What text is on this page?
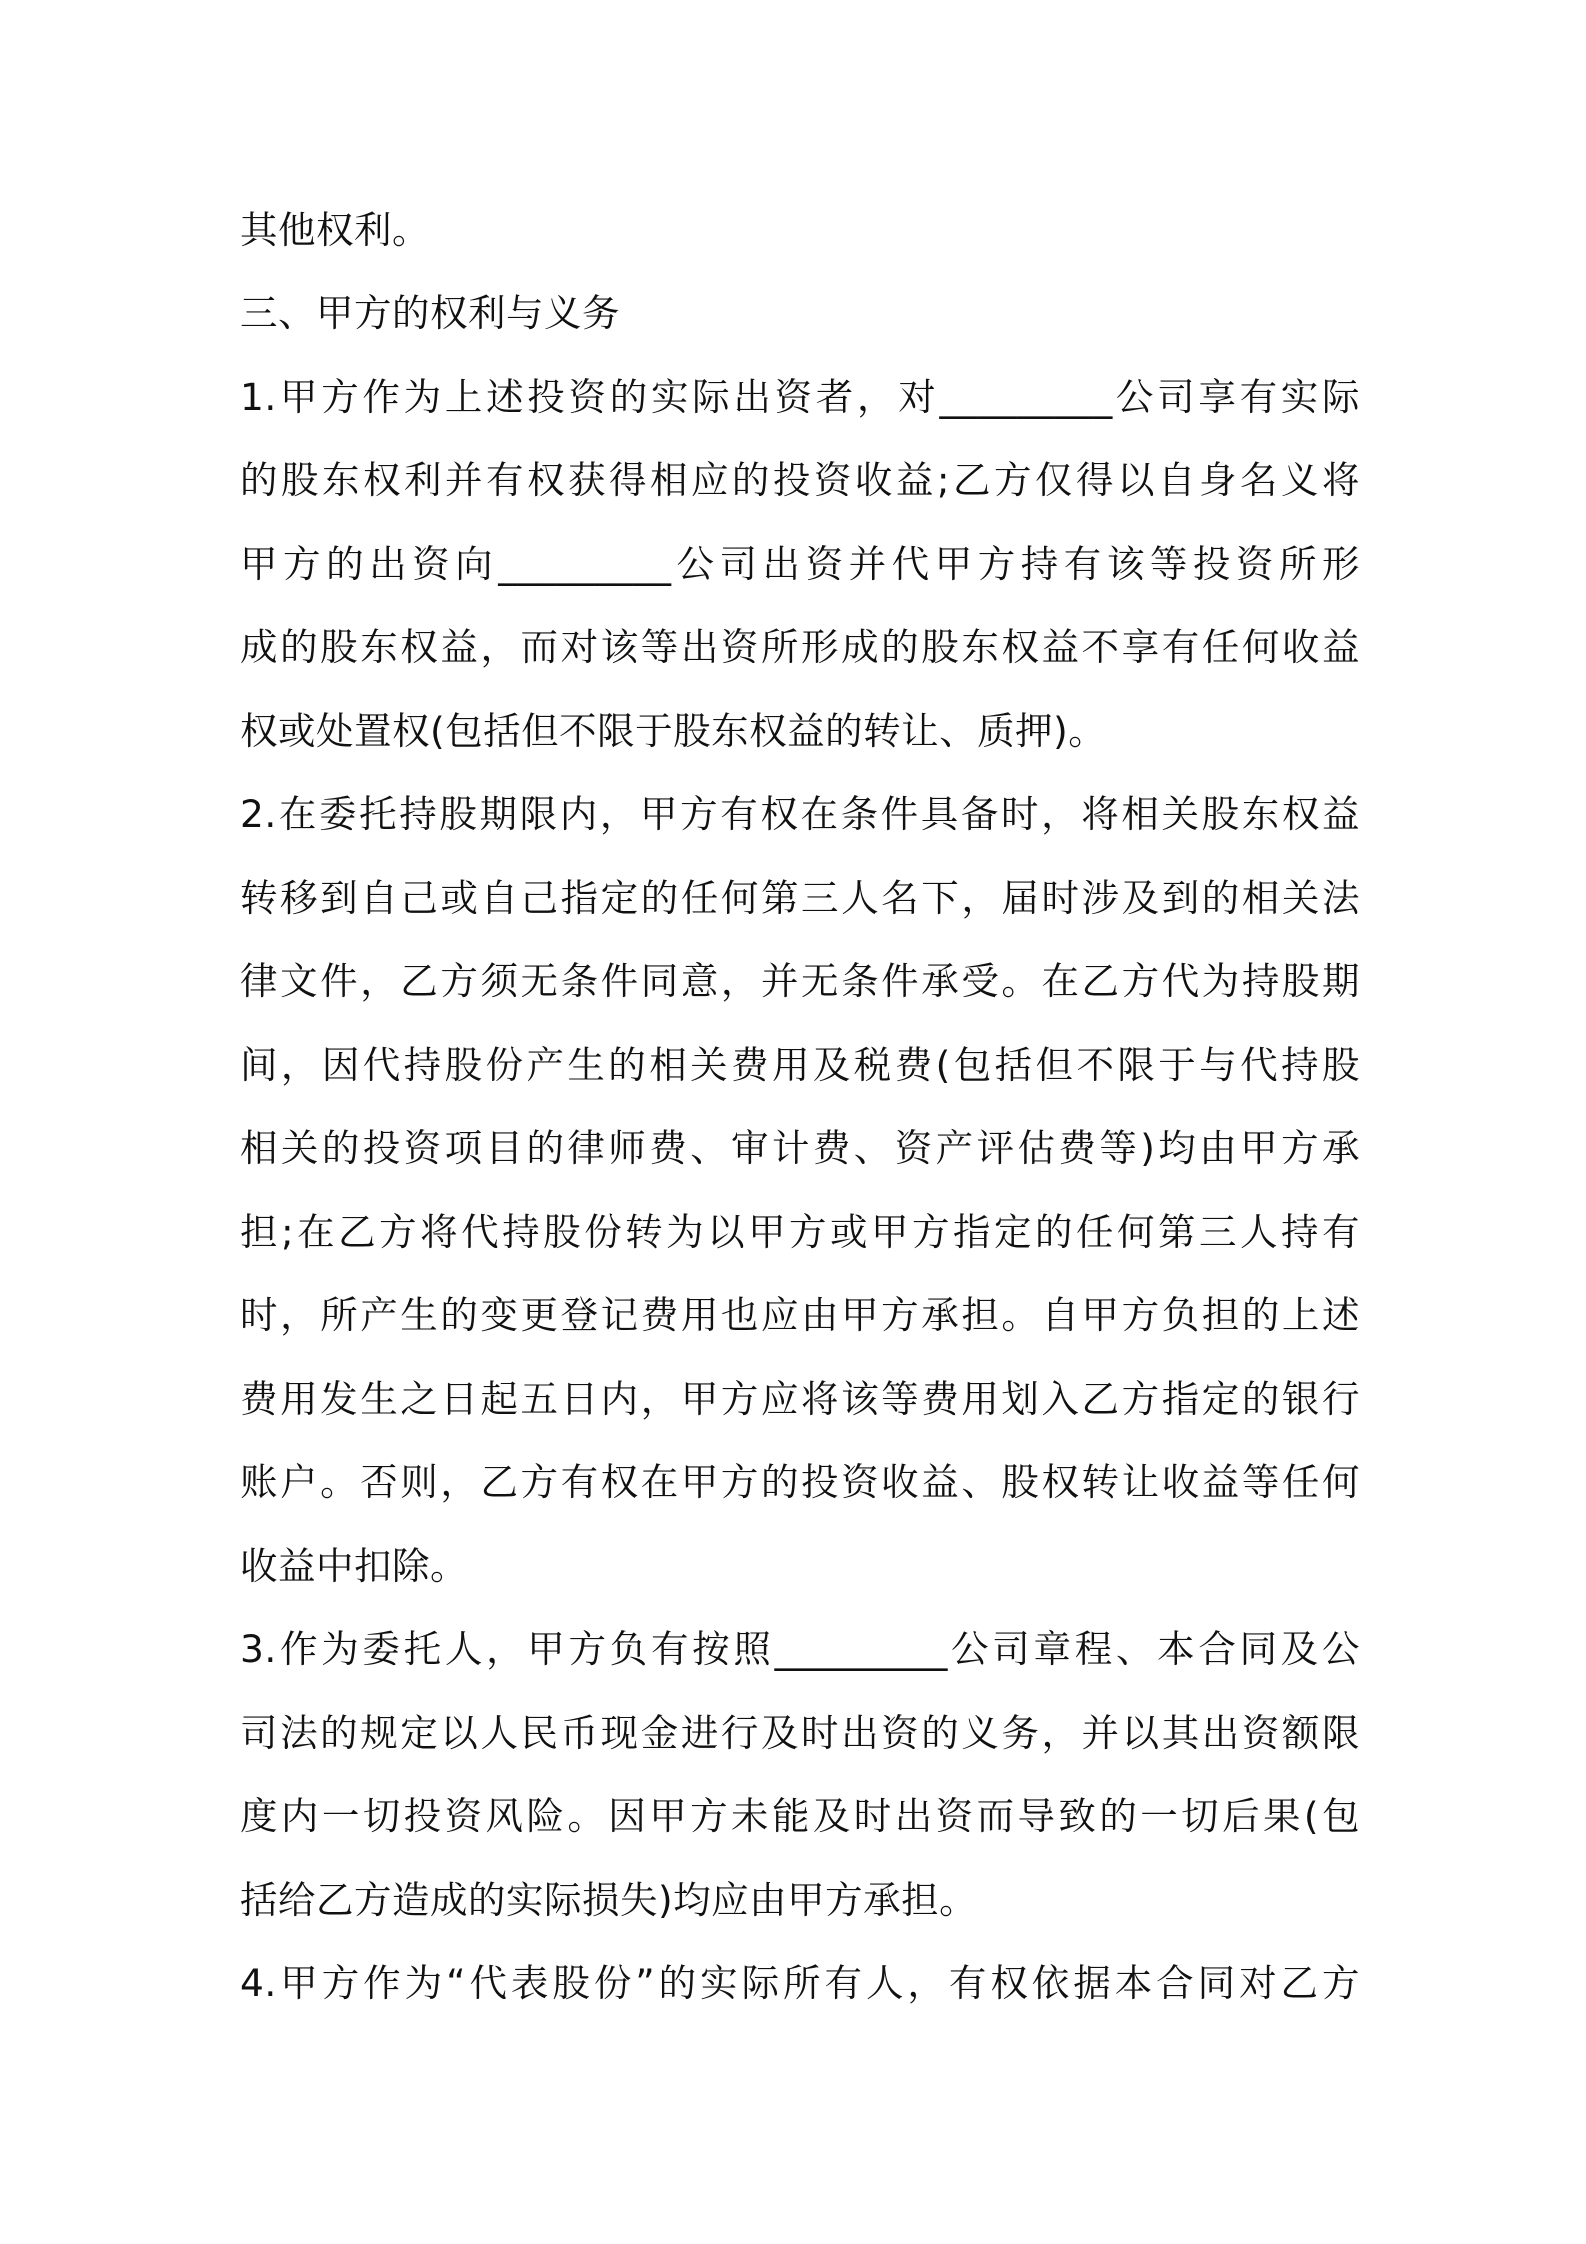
其他权利。
三、甲方的权利与义务
1.甲方作为上述投资的实际出资者，对_________公司享有实际
的股东权利并有权获得相应的投资收益;乙方仅得以自身名义将
甲方的出资向_________公司出资并代甲方持有该等投资所形
成的股东权益，而对该等出资所形成的股东权益不享有任何收益
权或处置权(包括但不限于股东权益的转让、质押)。
2.在委托持股期限内，甲方有权在条件具备时，将相关股东权益
转移到自己或自己指定的任何第三人名下，届时涉及到的相关法
律文件，乙方须无条件同意，并无条件承受。在乙方代为持股期
间，因代持股份产生的相关费用及税费(包括但不限于与代持股
相关的投资项目的律师费、审计费、资产评估费等)均由甲方承
担;在乙方将代持股份转为以甲方或甲方指定的任何第三人持有
时，所产生的变更登记费用也应由甲方承担。自甲方负担的上述
费用发生之日起五日内，甲方应将该等费用划入乙方指定的银行
账户。否则，乙方有权在甲方的投资收益、股权转让收益等任何
收益中扣除。
3.作为委托人，甲方负有按照_________公司章程、本合同及公
司法的规定以人民币现金进行及时出资的义务，并以其出资额限
度内一切投资风险。因甲方未能及时出资而导致的一切后果(包
括给乙方造成的实际损失)均应由甲方承担。
4.甲方作为“代表股份”的实际所有人，有权依据本合同对乙方
